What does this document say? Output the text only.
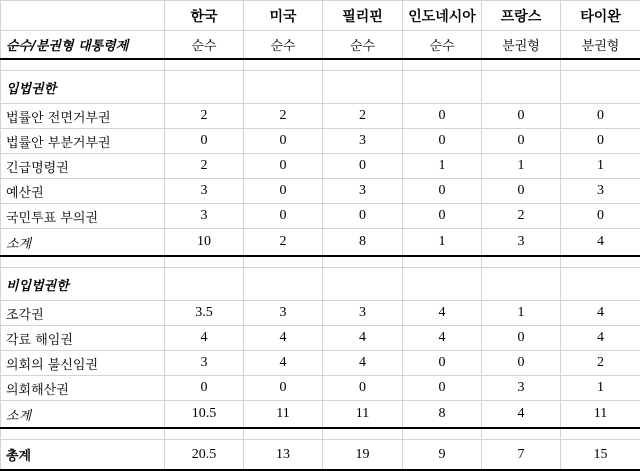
	한국	미국	필리핀	인도네시아	프랑스	타이완
순수/분권형 대통령제	순수	순수	순수	순수	분권형	분권형

입법권한						
법률안 전면거부권	2	2	2	0	0	0
법률안 부분거부권	0	0	3	0	0	0
긴급명령권	2	0	0	1	1	1
예산권	3	0	3	0	0	3
국민투표 부의권	3	0	0	0	2	0
소계	10	2	8	1	3	4

비입법권한						
조각권	3.5	3	3	4	1	4
각료 해임권	4	4	4	4	0	4
의회의 불신임권	3	4	4	0	0	2
의회해산권	0	0	0	0	3	1
소계	10.5	11	11	8	4	11

총계	20.5	13	19	9	7	15
